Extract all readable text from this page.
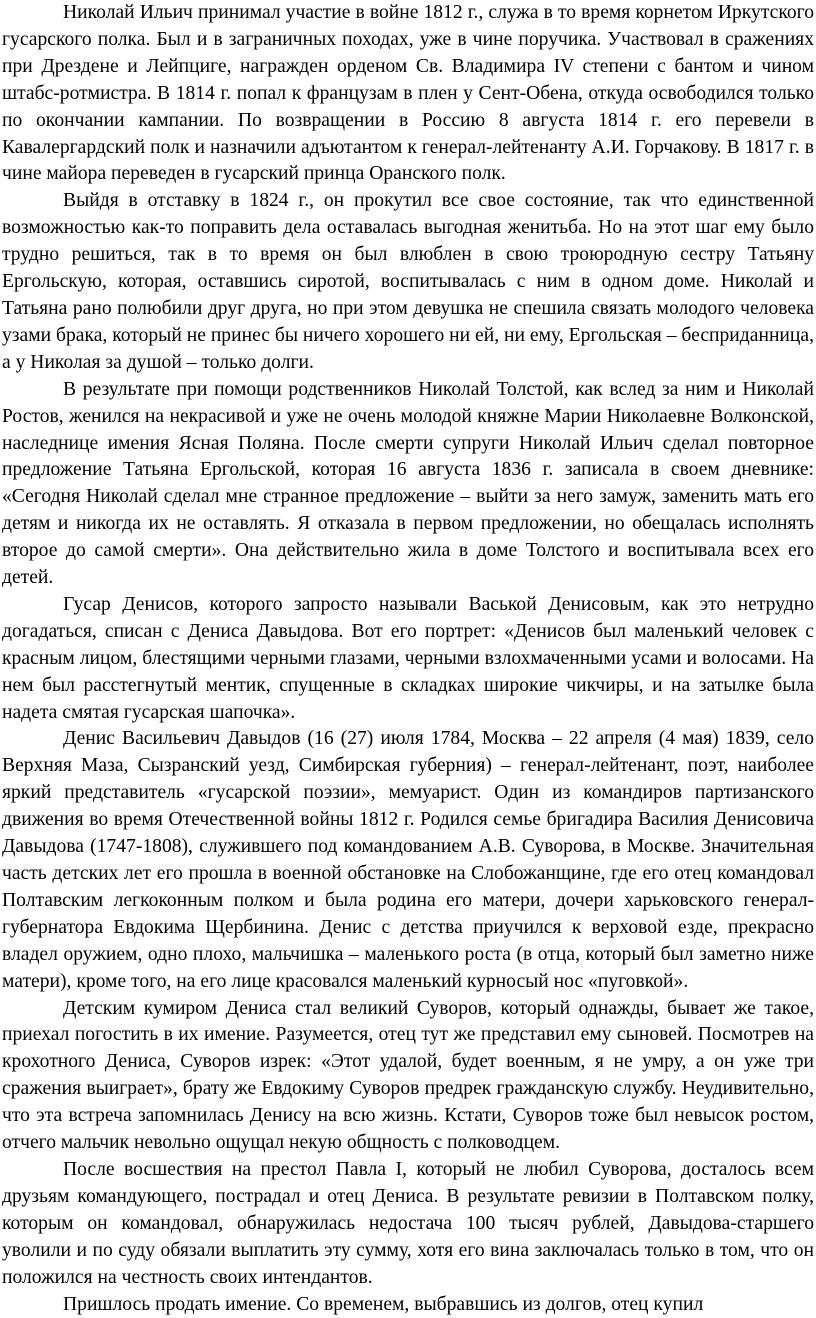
Николай Ильич принимал участие в войне 1812 г., служа в то время корнетом Иркутского гусарского полка. Был и в заграничных походах, уже в чине поручика. Участвовал в сражениях при Дрездене и Лейпциге, награжден орденом Св. Владимира IV степени с бантом и чином штабс-ротмистра. В 1814 г. попал к французам в плен у Сент-Обена, откуда освободился только по окончании кампании. По возвращении в Россию 8 августа 1814 г. его перевели в Кавалергардский полк и назначили адъютантом к генерал-лейтенанту А.И. Горчакову. В 1817 г. в чине майора переведен в гусарский принца Оранского полк.

Выйдя в отставку в 1824 г., он прокутил все свое состояние, так что единственной возможностью как-то поправить дела оставалась выгодная женитьба. Но на этот шаг ему было трудно решиться, так в то время он был влюблен в свою троюродную сестру Татьяну Ергольскую, которая, оставшись сиротой, воспитывалась с ним в одном доме. Николай и Татьяна рано полюбили друг друга, но при этом девушка не спешила связать молодого человека узами брака, который не принес бы ничего хорошего ни ей, ни ему, Ергольская – бесприданница, а у Николая за душой – только долги.

В результате при помощи родственников Николай Толстой, как вслед за ним и Николай Ростов, женился на некрасивой и уже не очень молодой княжне Марии Николаевне Волконской, наследнице имения Ясная Поляна. После смерти супруги Николай Ильич сделал повторное предложение Татьяна Ергольской, которая 16 августа 1836 г. записала в своем дневнике: «Сегодня Николай сделал мне странное предложение – выйти за него замуж, заменить мать его детям и никогда их не оставлять. Я отказала в первом предложении, но обещалась исполнять второе до самой смерти». Она действительно жила в доме Толстого и воспитывала всех его детей.

Гусар Денисов, которого запросто называли Васькой Денисовым, как это нетрудно догадаться, списан с Дениса Давыдова. Вот его портрет: «Денисов был маленький человек с красным лицом, блестящими черными глазами, черными взлохмаченными усами и волосами. На нем был расстегнутый ментик, спущенные в складках широкие чикчиры, и на затылке была надета смятая гусарская шапочка».

Денис Васильевич Давыдов (16 (27) июля 1784, Москва – 22 апреля (4 мая) 1839, село Верхняя Маза, Сызранский уезд, Симбирская губерния) – генерал-лейтенант, поэт, наиболее яркий представитель «гусарской поэзии», мемуарист. Один из командиров партизанского движения во время Отечественной войны 1812 г. Родился семье бригадира Василия Денисовича Давыдова (1747-1808), служившего под командованием А.В. Суворова, в Москве. Значительная часть детских лет его прошла в военной обстановке на Слобожанщине, где его отец командовал Полтавским легкоконным полком и была родина его матери, дочери харьковского генерал-губернатора Евдокима Щербинина. Денис с детства приучился к верховой езде, прекрасно владел оружием, одно плохо, мальчишка – маленького роста (в отца, который был заметно ниже матери), кроме того, на его лице красовался маленький курносый нос «пуговкой».

Детским кумиром Дениса стал великий Суворов, который однажды, бывает же такое, приехал погостить в их имение. Разумеется, отец тут же представил ему сыновей. Посмотрев на крохотного Дениса, Суворов изрек: «Этот удалой, будет военным, я не умру, а он уже три сражения выиграет», брату же Евдокиму Суворов предрек гражданскую службу. Неудивительно, что эта встреча запомнилась Денису на всю жизнь. Кстати, Суворов тоже был невысок ростом, отчего мальчик невольно ощущал некую общность с полководцем.

После восшествия на престол Павла I, который не любил Суворова, досталось всем друзьям командующего, пострадал и отец Дениса. В результате ревизии в Полтавском полку, которым он командовал, обнаружилась недостача 100 тысяч рублей, Давыдова-старшего уволили и по суду обязали выплатить эту сумму, хотя его вина заключалась только в том, что он положился на честность своих интендантов.

Пришлось продать имение. Со временем, выбравшись из долгов, отец купил
